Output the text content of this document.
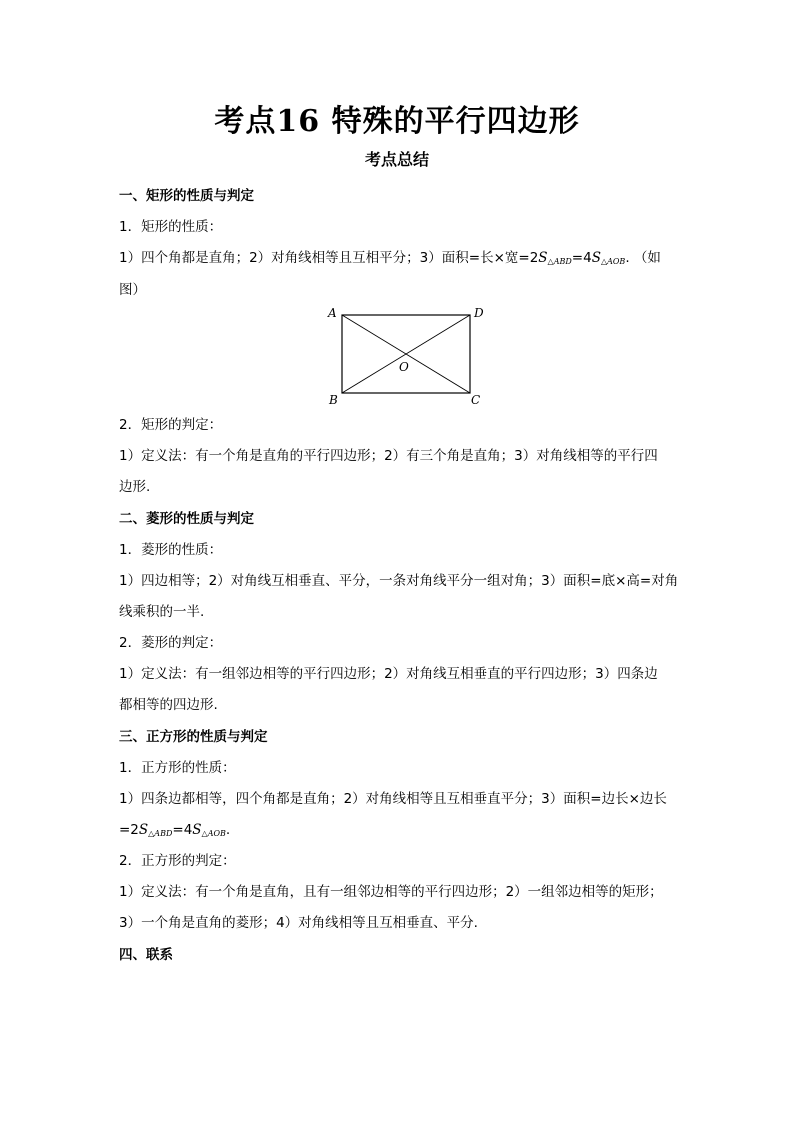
考点16 特殊的平行四边形
考点总结
一、矩形的性质与判定
1．矩形的性质：
1）四个角都是直角；2）对角线相等且互相平分；3）面积=长×宽$=2S_{\triangle ABD}=4S_{\triangle AOB}$. （如
图）
A	D
B	C
O
2．矩形的判定：
1）定义法：有一个角是直角的平行四边形；2）有三个角是直角；3）对角线相等的平行四
边形.
二、菱形的性质与判定
1．菱形的性质：
1）四边相等；2）对角线互相垂直、平分，一条对角线平分一组对角；3）面积=底×高=对角
线乘积的一半.
2．菱形的判定：
1）定义法：有一组邻边相等的平行四边形；2）对角线互相垂直的平行四边形；3）四条边
都相等的四边形.
三、正方形的性质与判定
1．正方形的性质：
1）四条边都相等，四个角都是直角；2）对角线相等且互相垂直平分；3）面积=边长×边长
$=2S_{\triangle ABD}=4S_{\triangle AOB}$.
2．正方形的判定：
1）定义法：有一个角是直角，且有一组邻边相等的平行四边形；2）一组邻边相等的矩形；
3）一个角是直角的菱形；4）对角线相等且互相垂直、平分.
四、联系
